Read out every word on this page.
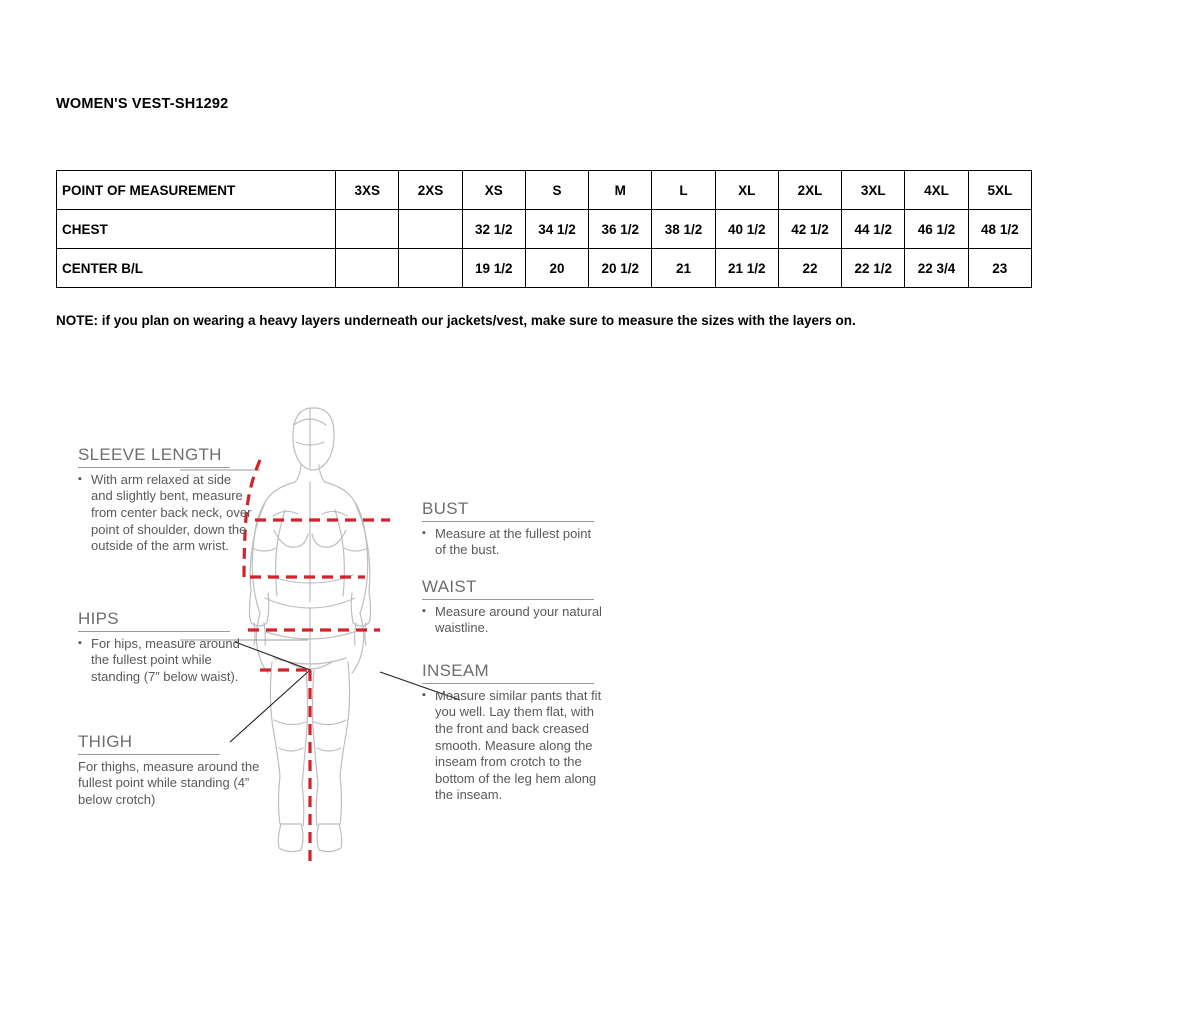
WOMEN'S VEST-SH1292
POINT OF MEASUREMENT	3XS	2XS	XS	S	M	L	XL	2XL	3XL	4XL	5XL
CHEST			32 1/2	34 1/2	36 1/2	38 1/2	40 1/2	42 1/2	44 1/2	46 1/2	48 1/2
CENTER B/L			19 1/2	20	20 1/2	21	21 1/2	22	22 1/2	22 3/4	23
NOTE: if you plan on wearing a heavy layers underneath our jackets/vest, make sure to measure the sizes with the layers on.
SLEEVE LENGTH
▪ With arm relaxed at side and slightly bent, measure from center back neck, over point of shoulder, down the outside of the arm wrist.
HIPS
▪ For hips, measure around the fullest point while standing (7” below waist).
THIGH
For thighs, measure around the fullest point while standing (4” below crotch)
BUST
▪ Measure at the fullest point of the bust.
WAIST
▪ Measure around your natural waistline.
INSEAM
▪ Measure similar pants that fit you well. Lay them flat, with the front and back creased smooth. Measure along the inseam from crotch to the bottom of the leg hem along the inseam.
